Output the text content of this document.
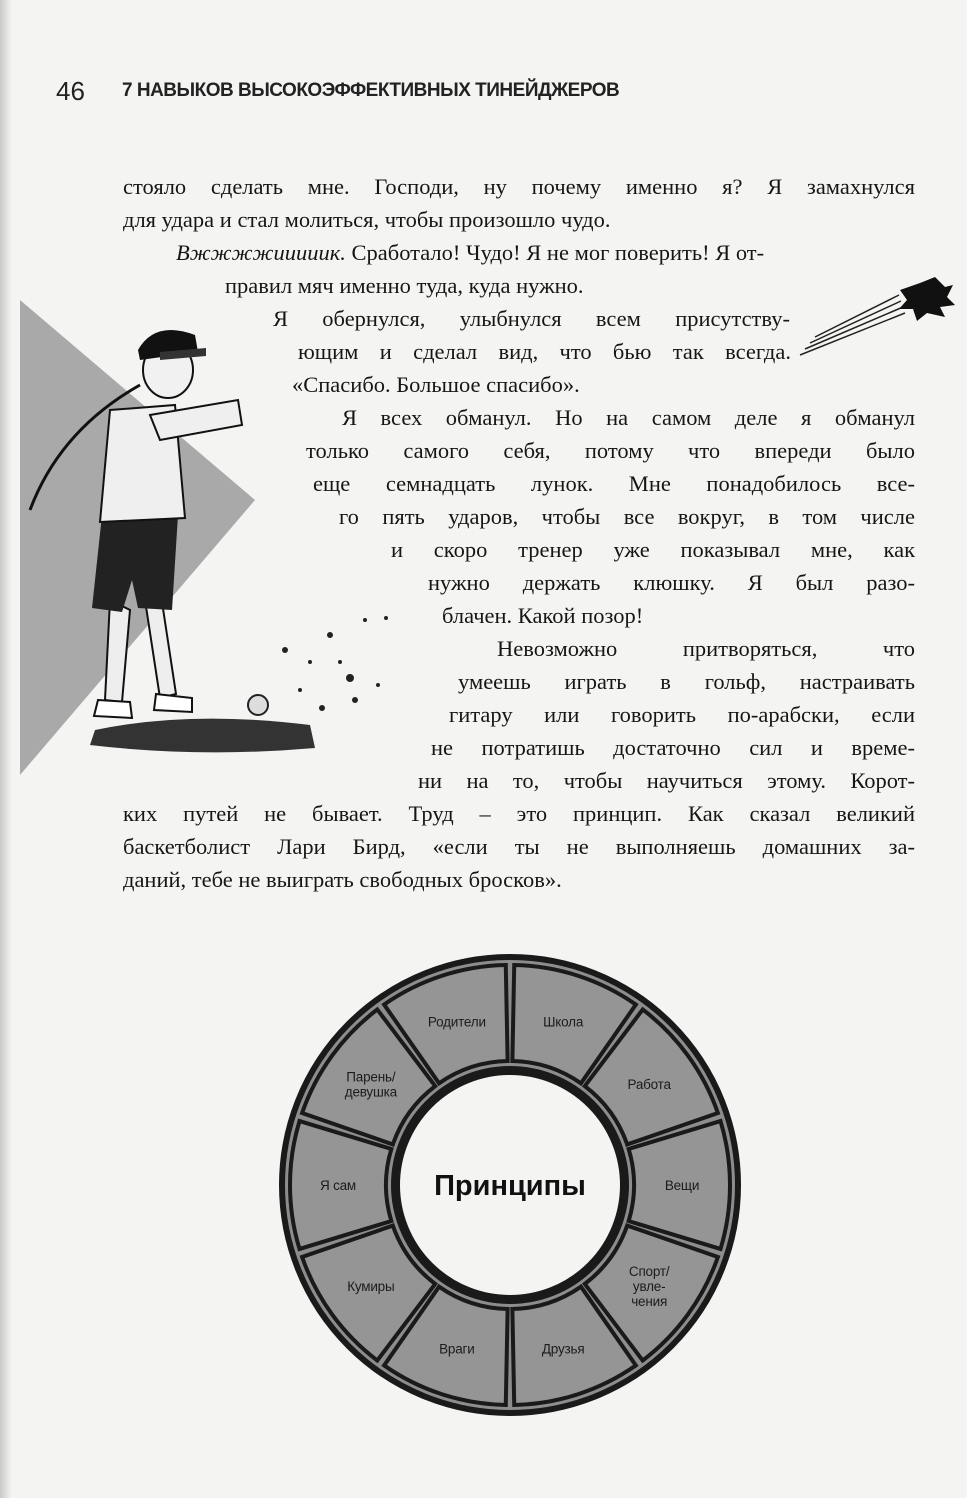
46 7 НАВЫКОВ ВЫСОКОЭФФЕКТИВНЫХ ТИНЕЙДЖЕРОВ
стояло сделать мне. Господи, ну почему именно я? Я замахнулся
для удара и стал молиться, чтобы произошло чудо.
Вжжжжииииик. Сработало! Чудо! Я не мог поверить! Я от-
правил мяч именно туда, куда нужно.
Я обернулся, улыбнулся всем присутству-
ющим и сделал вид, что бью так всегда.
«Спасибо. Большое спасибо».
Я всех обманул. Но на самом деле я обманул
только самого себя, потому что впереди было
еще семнадцать лунок. Мне понадобилось все-
го пять ударов, чтобы все вокруг, в том числе
и скоро тренер уже показывал мне, как
нужно держать клюшку. Я был разо-
блачен. Какой позор!
Невозможно притворяться, что
умеешь играть в гольф, настраивать
гитару или говорить по-арабски, если
не потратишь достаточно сил и време-
ни на то, чтобы научиться этому. Корот-
ких путей не бывает. Труд – это принцип. Как сказал великий
баскетболист Лари Бирд, «если ты не выполняешь домашних за-
даний, тебе не выиграть свободных бросков».
Принципы
Школа
Работа
Вещи
Спорт/ увле-чения
Друзья
Враги
Кумиры
Я сам
Парень/ девушка
Родители
